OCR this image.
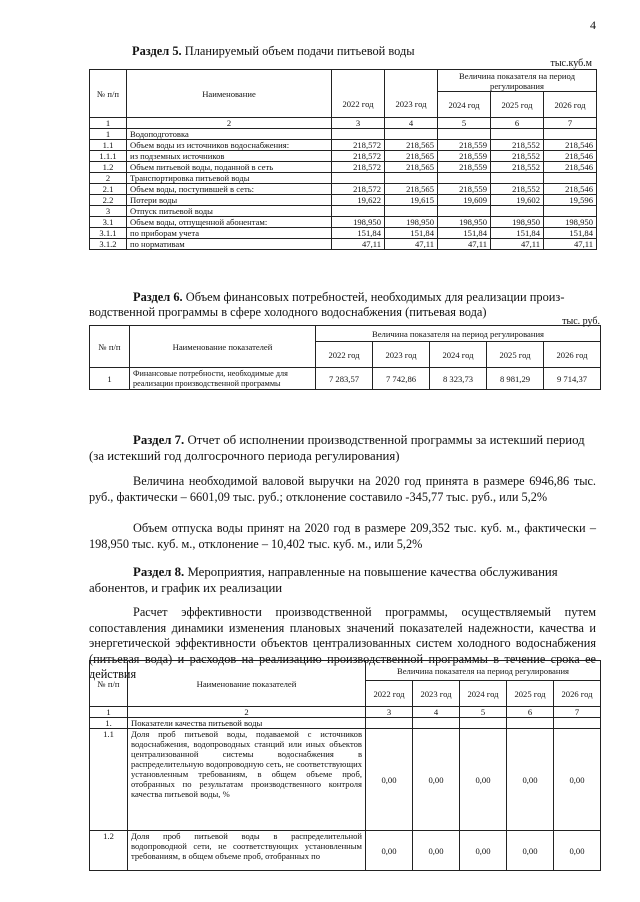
4
Раздел 5. Планируемый объем подачи питьевой воды
тыс.куб.м
№ п/п	Наименование			Величина показателя на период регулирования		
		2022 год	2023 год	2024 год	2025 год	2026 год
1	2	3	4	5	6	7
1	Водоподготовка					
1.1	Объем воды из источников водоснабжения:	218,572	218,565	218,559	218,552	218,546
1.1.1	из подземных источников	218,572	218,565	218,559	218,552	218,546
1.2	Объем питьевой воды, поданной в сеть	218,572	218,565	218,559	218,552	218,546
2	Транспортировка питьевой воды					
2.1	Объем воды, поступившей в сеть:	218,572	218,565	218,559	218,552	218,546
2.2	Потери воды	19,622	19,615	19,609	19,602	19,596
3	Отпуск питьевой воды					
3.1	Объем воды, отпущенной абонентам:	198,950	198,950	198,950	198,950	198,950
3.1.1	по приборам учета	151,84	151,84	151,84	151,84	151,84
3.1.2	по нормативам	47,11	47,11	47,11	47,11	47,11
Раздел 6. Объем финансовых потребностей, необходимых для реализации произ-
водственной программы в сфере холодного водоснабжения (питьевая вода)
тыс. руб.
№ п/п	Наименование показателей	Величина показателя на период регулирования				
		2022 год	2023 год	2024 год	2025 год	2026 год
1	Финансовые потребности, необходимые для реализации производственной программы	7 283,57	7 742,86	8 323,73	8 981,29	9 714,37
Раздел 7. Отчет об исполнении производственной программы за истекший период
(за истекший год долгосрочного периода регулирования)
Величина необходимой валовой выручки на 2020 год принята в размере 6946,86 тыс. руб., фактически – 6601,09 тыс. руб.; отклонение составило -345,77 тыс. руб., или 5,2%
Объем отпуска воды принят на 2020 год в размере 209,352 тыс. куб. м., фактически – 198,950 тыс. куб. м., отклонение – 10,402 тыс. куб. м., или 5,2%
Раздел 8. Мероприятия, направленные на повышение качества обслуживания
абонентов, и график их реализации
Расчет эффективности производственной программы, осуществляемый путем сопоставления динамики изменения плановых значений показателей надежности, качества и энергетической эффективности объектов централизованных систем холодного водоснабжения (питьевая вода) и расходов на реализацию производственной программы в течение срока ее действия
№ п/п	Наименование показателей	Величина показателя на период регулирования				
		2022 год	2023 год	2024 год	2025 год	2026 год
1	2	3	4	5	6	7
1.	Показатели качества питьевой воды					
1.1	Доля проб питьевой воды, подаваемой с источников водоснабжения, водопроводных станций или иных объектов централизованной системы водоснабжения в распределительную водопроводную сеть, не соответствующих установленным требованиям, в общем объеме проб, отобранных по результатам производственного контроля качества питьевой воды, %	0,00	0,00	0,00	0,00	0,00
1.2	Доля проб питьевой воды в распределительной водопроводной сети, не соответствующих установленным требованиям, в общем объеме проб, отобранных по	0,00	0,00	0,00	0,00	0,00
